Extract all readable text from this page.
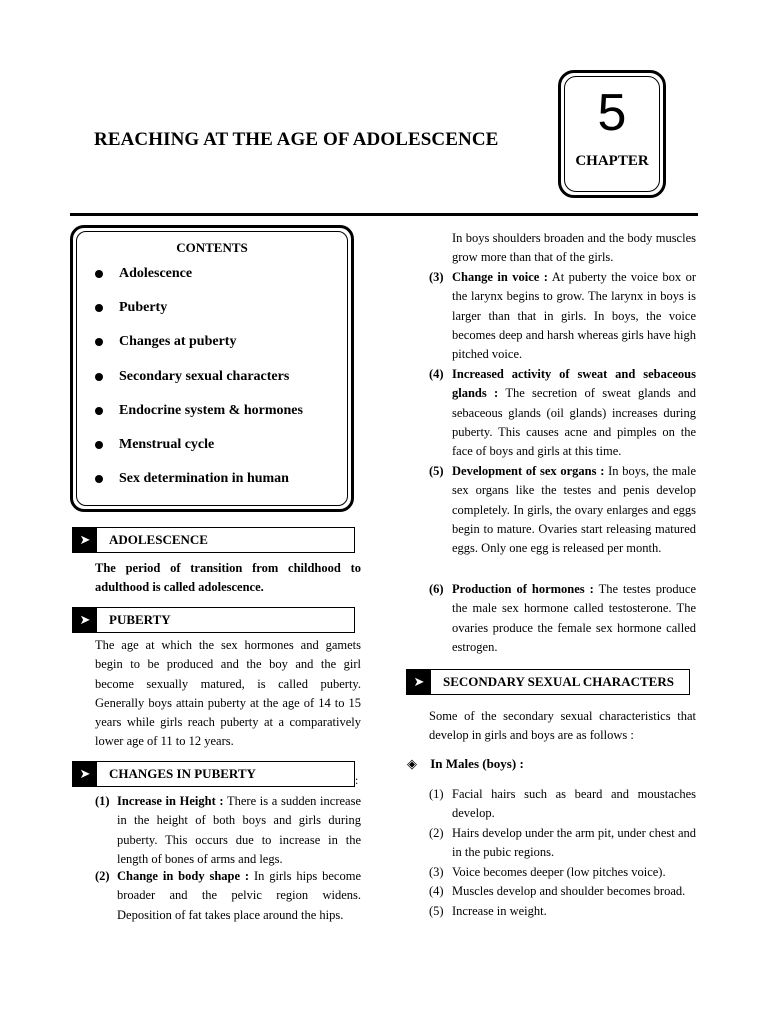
REACHING AT THE AGE OF ADOLESCENCE	5
CHAPTER
CONTENTS
Adolescence
Puberty
Changes at puberty
Secondary sexual characters
Endocrine system & hormones
Menstrual cycle
Sex determination in human
➤	ADOLESCENCE
The period of transition from childhood to adulthood is called adolescence.
➤	PUBERTY
The age at which the sex hormones and gamets begin to be produced and the boy and the girl become sexually matured, is called puberty. Generally boys attain puberty at the age of 14 to 15 years while girls reach puberty at a comparatively lower age of 11 to 12 years.
➤	CHANGES IN PUBERTY	:
(1) Increase in Height : There is a sudden increase in the height of both boys and girls during puberty. This occurs due to increase in the length of bones of arms and legs.
(2) Change in body shape : In girls hips become broader and the pelvic region widens. Deposition of fat takes place around the hips.
In boys shoulders broaden and the body muscles grow more than that of the girls.
(3) Change in voice : At puberty the voice box or the larynx begins to grow. The larynx in boys is larger than that in girls. In boys, the voice becomes deep and harsh whereas girls have high pitched voice.
(4) Increased activity of sweat and sebaceous glands : The secretion of sweat glands and sebaceous glands (oil glands) increases during puberty. This causes acne and pimples on the face of boys and girls at this time.
(5) Development of sex organs : In boys, the male sex organs like the testes and penis develop completely. In girls, the ovary enlarges and eggs begin to mature. Ovaries start releasing matured eggs. Only one egg is released per month.
(6) Production of hormones : The testes produce the male sex hormone called testosterone. The ovaries produce the female sex hormone called estrogen.
➤	SECONDARY SEXUAL CHARACTERS
Some of the secondary sexual characteristics that develop in girls and boys are as follows :
◈ In Males (boys) :
(1) Facial hairs such as beard and moustaches develop.
(2) Hairs develop under the arm pit, under chest and in the pubic regions.
(3) Voice becomes deeper (low pitches voice).
(4) Muscles develop and shoulder becomes broad.
(5) Increase in weight.
